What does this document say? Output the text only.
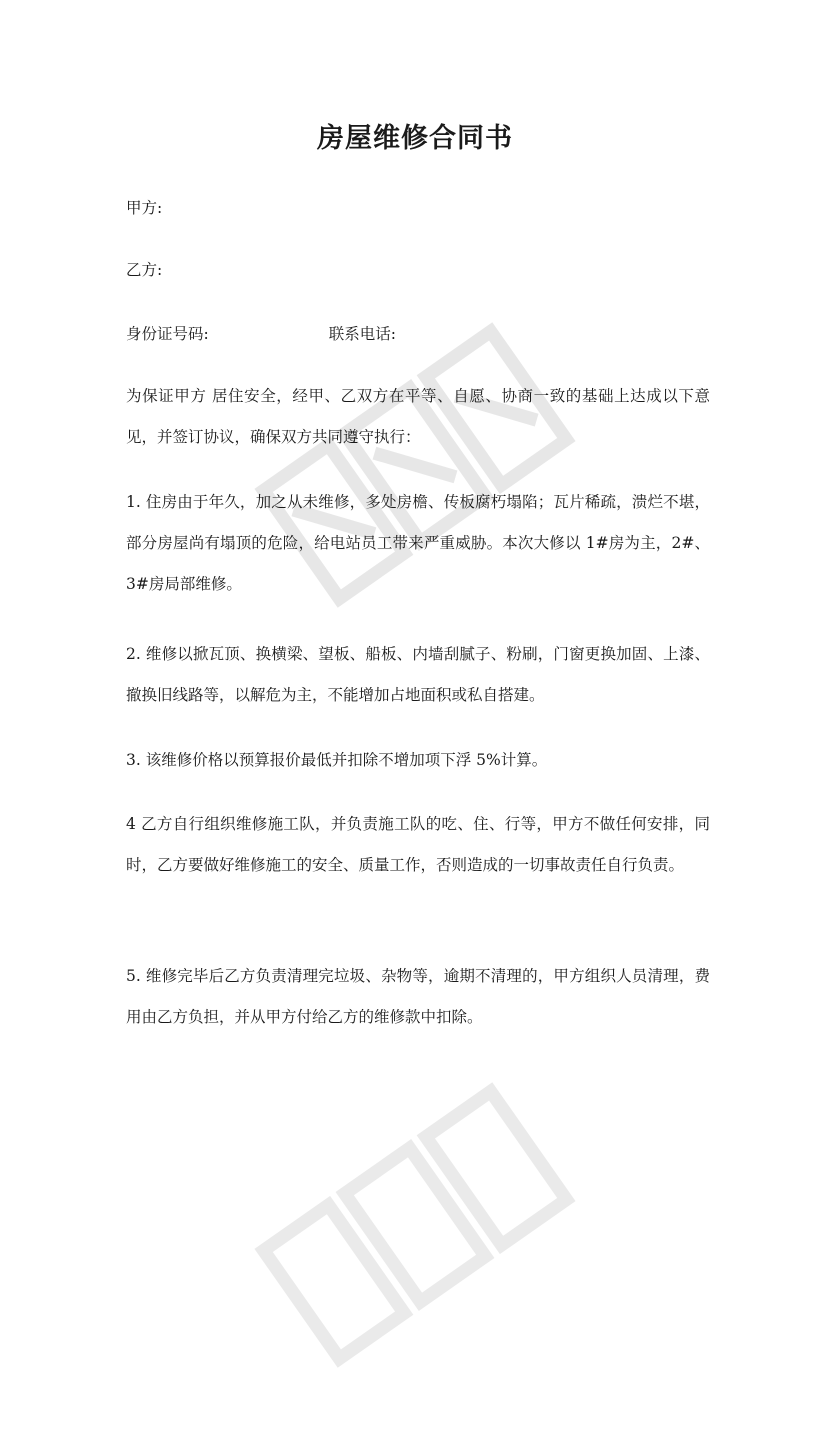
房屋维修合同书
甲方:
乙方:
身份证号码:	联系电话:
为保证甲方 居住安全，经甲、乙双方在平等、自愿、协商一致的基础上达成以下意见，并签订协议，确保双方共同遵守执行：
1. 住房由于年久，加之从未维修，多处房檐、传板腐朽塌陷；瓦片稀疏，溃烂不堪，部分房屋尚有塌顶的危险，给电站员工带来严重威胁。本次大修以 1#房为主，2#、3#房局部维修。
2. 维修以掀瓦顶、换横梁、望板、船板、内墙刮腻子、粉刷，门窗更换加固、上漆、撤换旧线路等，以解危为主，不能增加占地面积或私自搭建。
3. 该维修价格以预算报价最低并扣除不增加项下浮 5%计算。
4 乙方自行组织维修施工队，并负责施工队的吃、住、行等，甲方不做任何安排，同时，乙方要做好维修施工的安全、质量工作，否则造成的一切事故责任自行负责。
5. 维修完毕后乙方负责清理完垃圾、杂物等，逾期不清理的，甲方组织人员清理，费用由乙方负担，并从甲方付给乙方的维修款中扣除。
